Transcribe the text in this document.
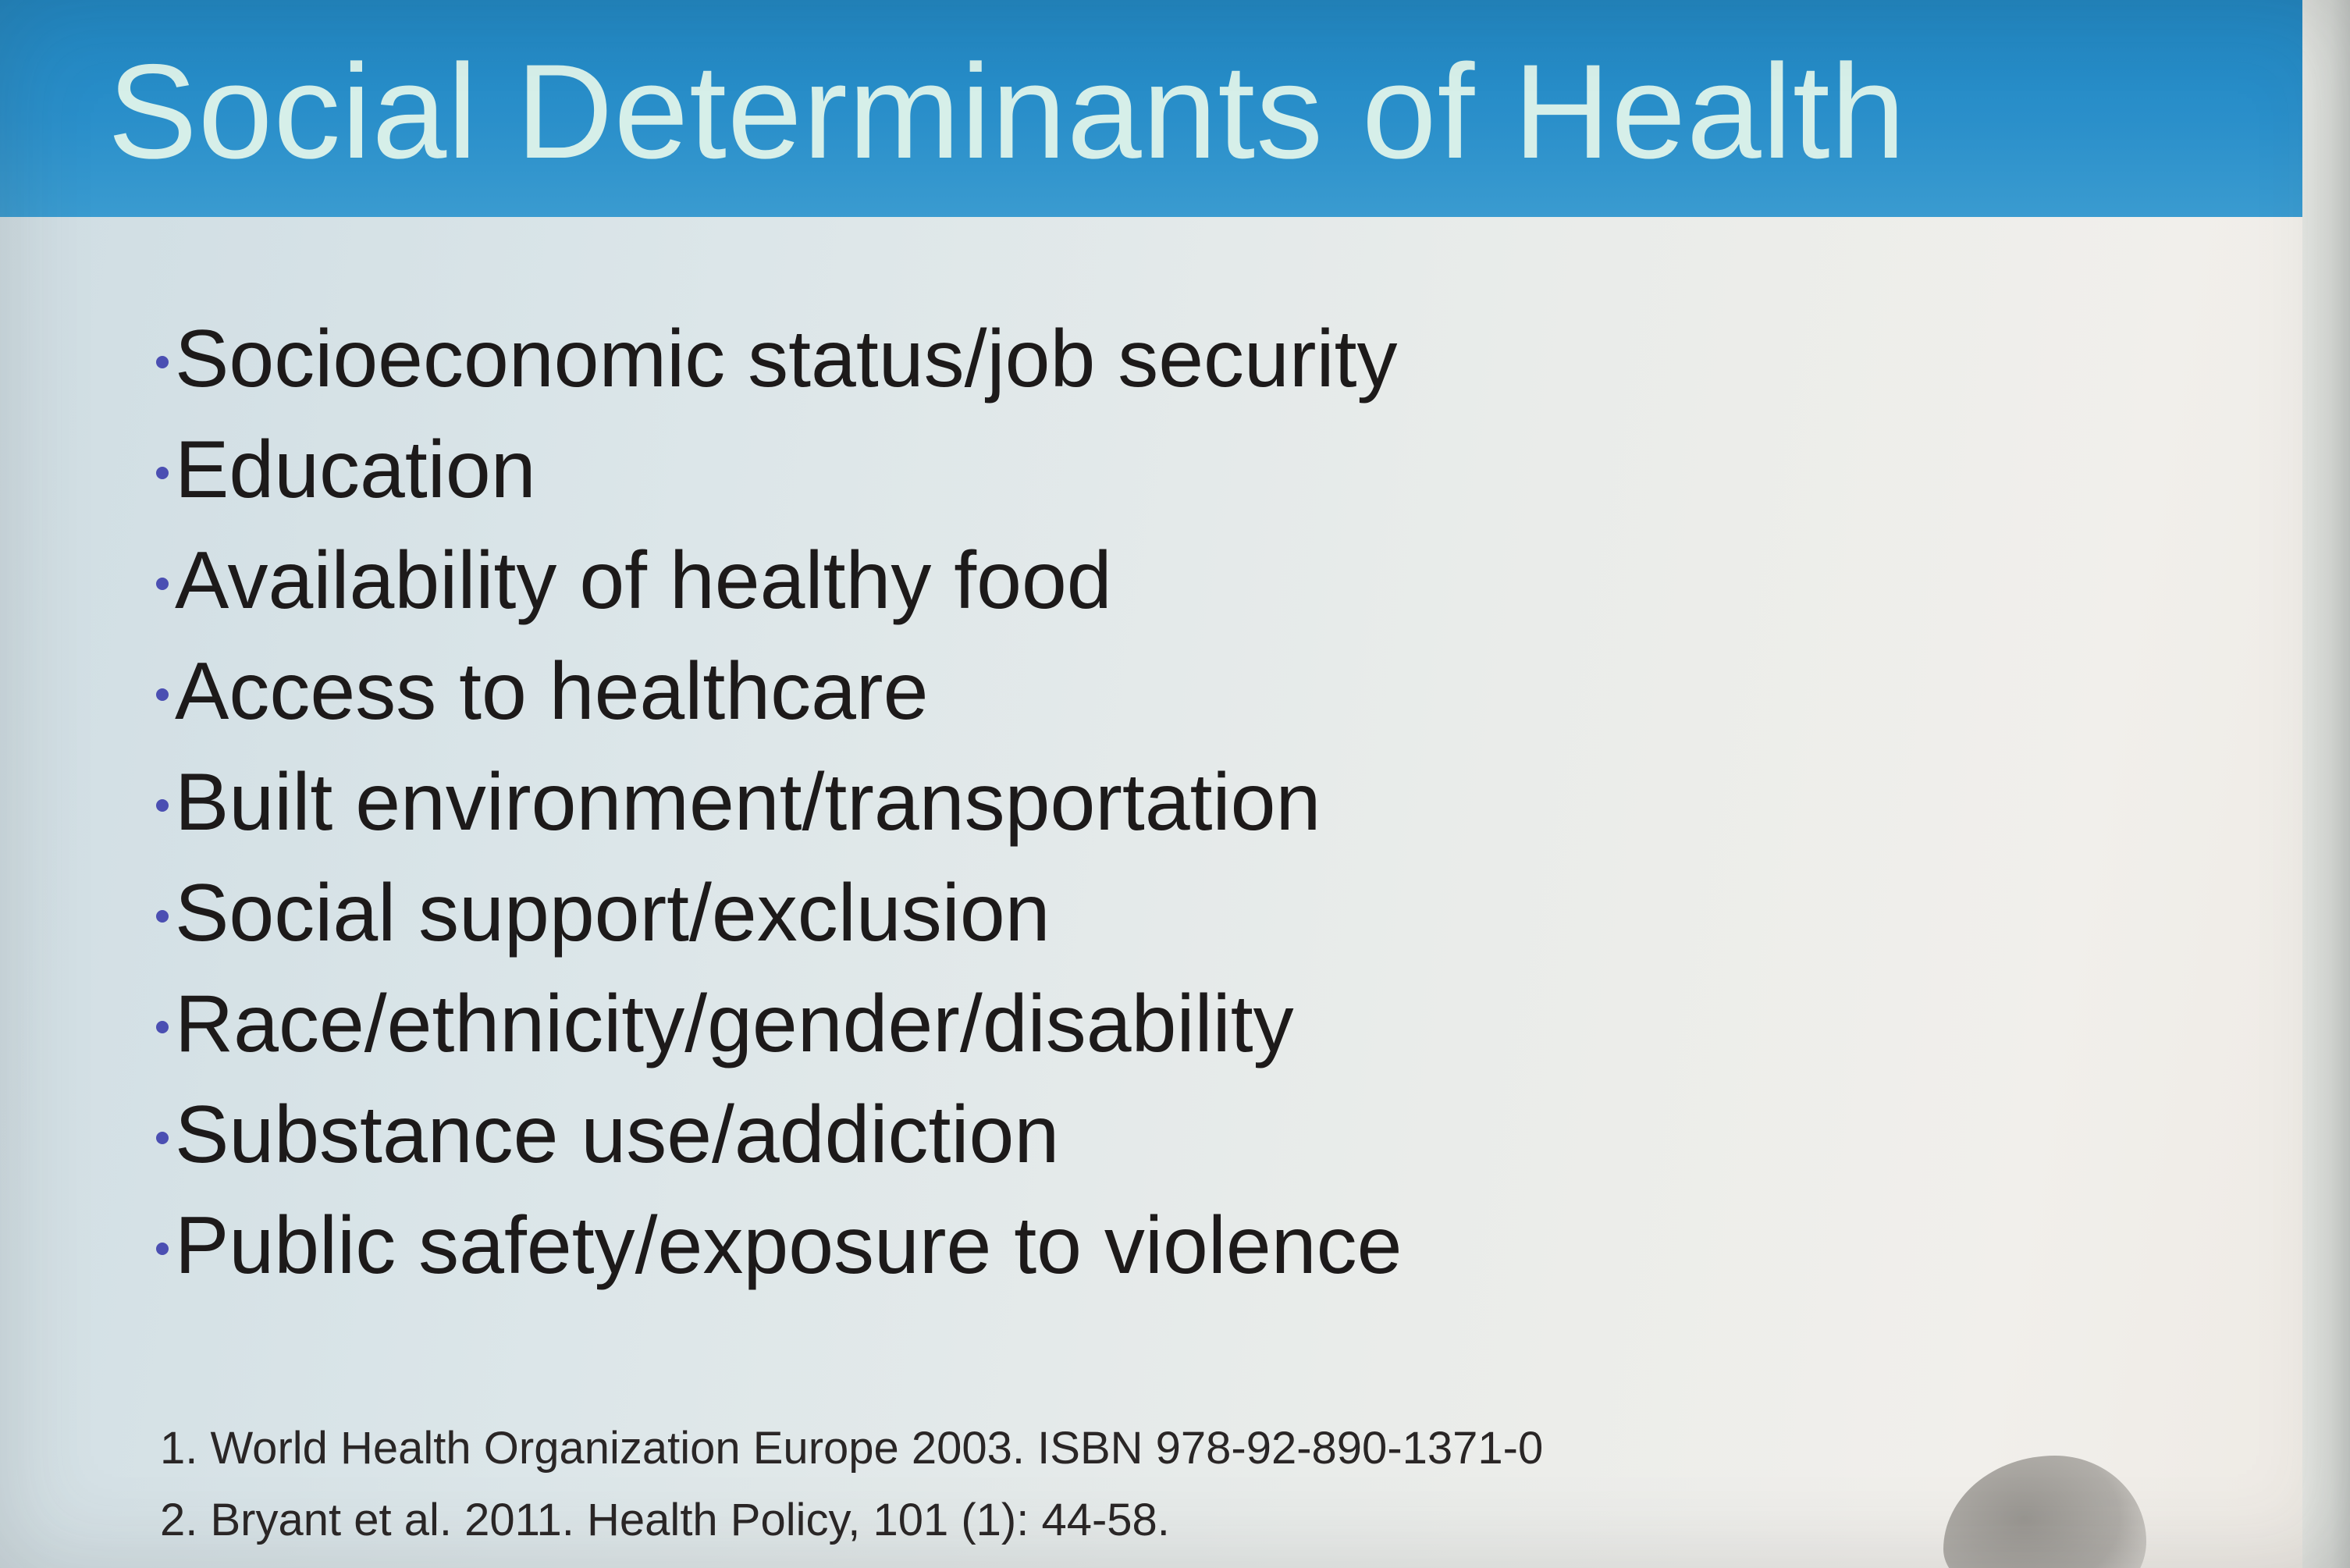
Social Determinants of Health
Socioeconomic status/job security
Education
Availability of healthy food
Access to healthcare
Built environment/transportation
Social support/exclusion
Race/ethnicity/gender/disability
Substance use/addiction
Public safety/exposure to violence
1. World Health Organization Europe 2003. ISBN 978-92-890-1371-0
2. Bryant et al. 2011. Health Policy, 101 (1): 44-58.
